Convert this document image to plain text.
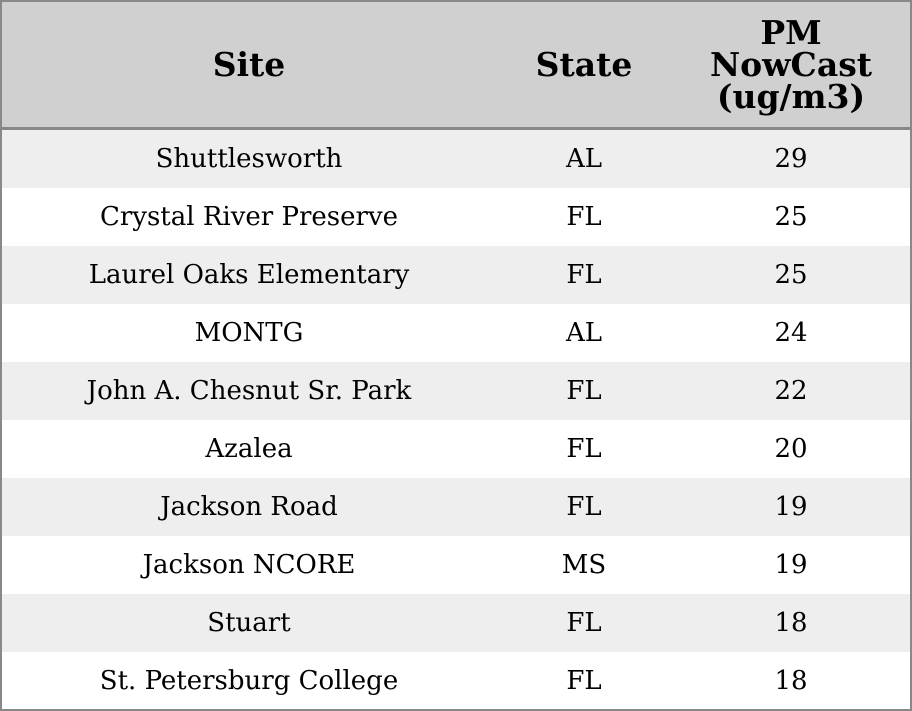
Site	State	PM
NowCast
(ug/m3)

Shuttlesworth	AL	29
Crystal River Preserve	FL	25
Laurel Oaks Elementary	FL	25
MONTG	AL	24
John A. Chesnut Sr. Park	FL	22
Azalea	FL	20
Jackson Road	FL	19
Jackson NCORE	MS	19
Stuart	FL	18
St. Petersburg College	FL	18
